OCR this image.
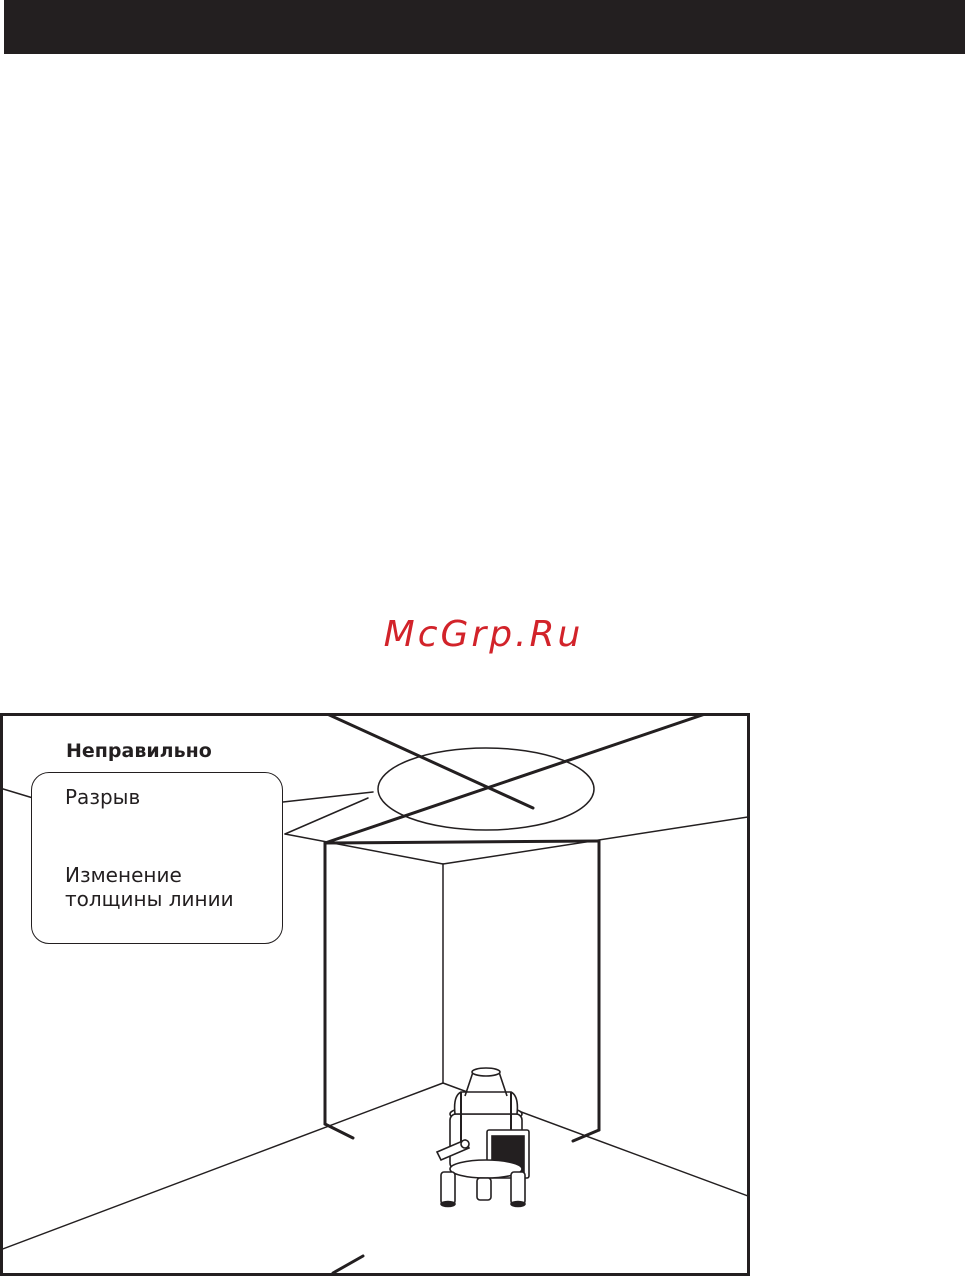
McGrp.Ru
Неправильно
Разрыв
Изменение
толщины линии
